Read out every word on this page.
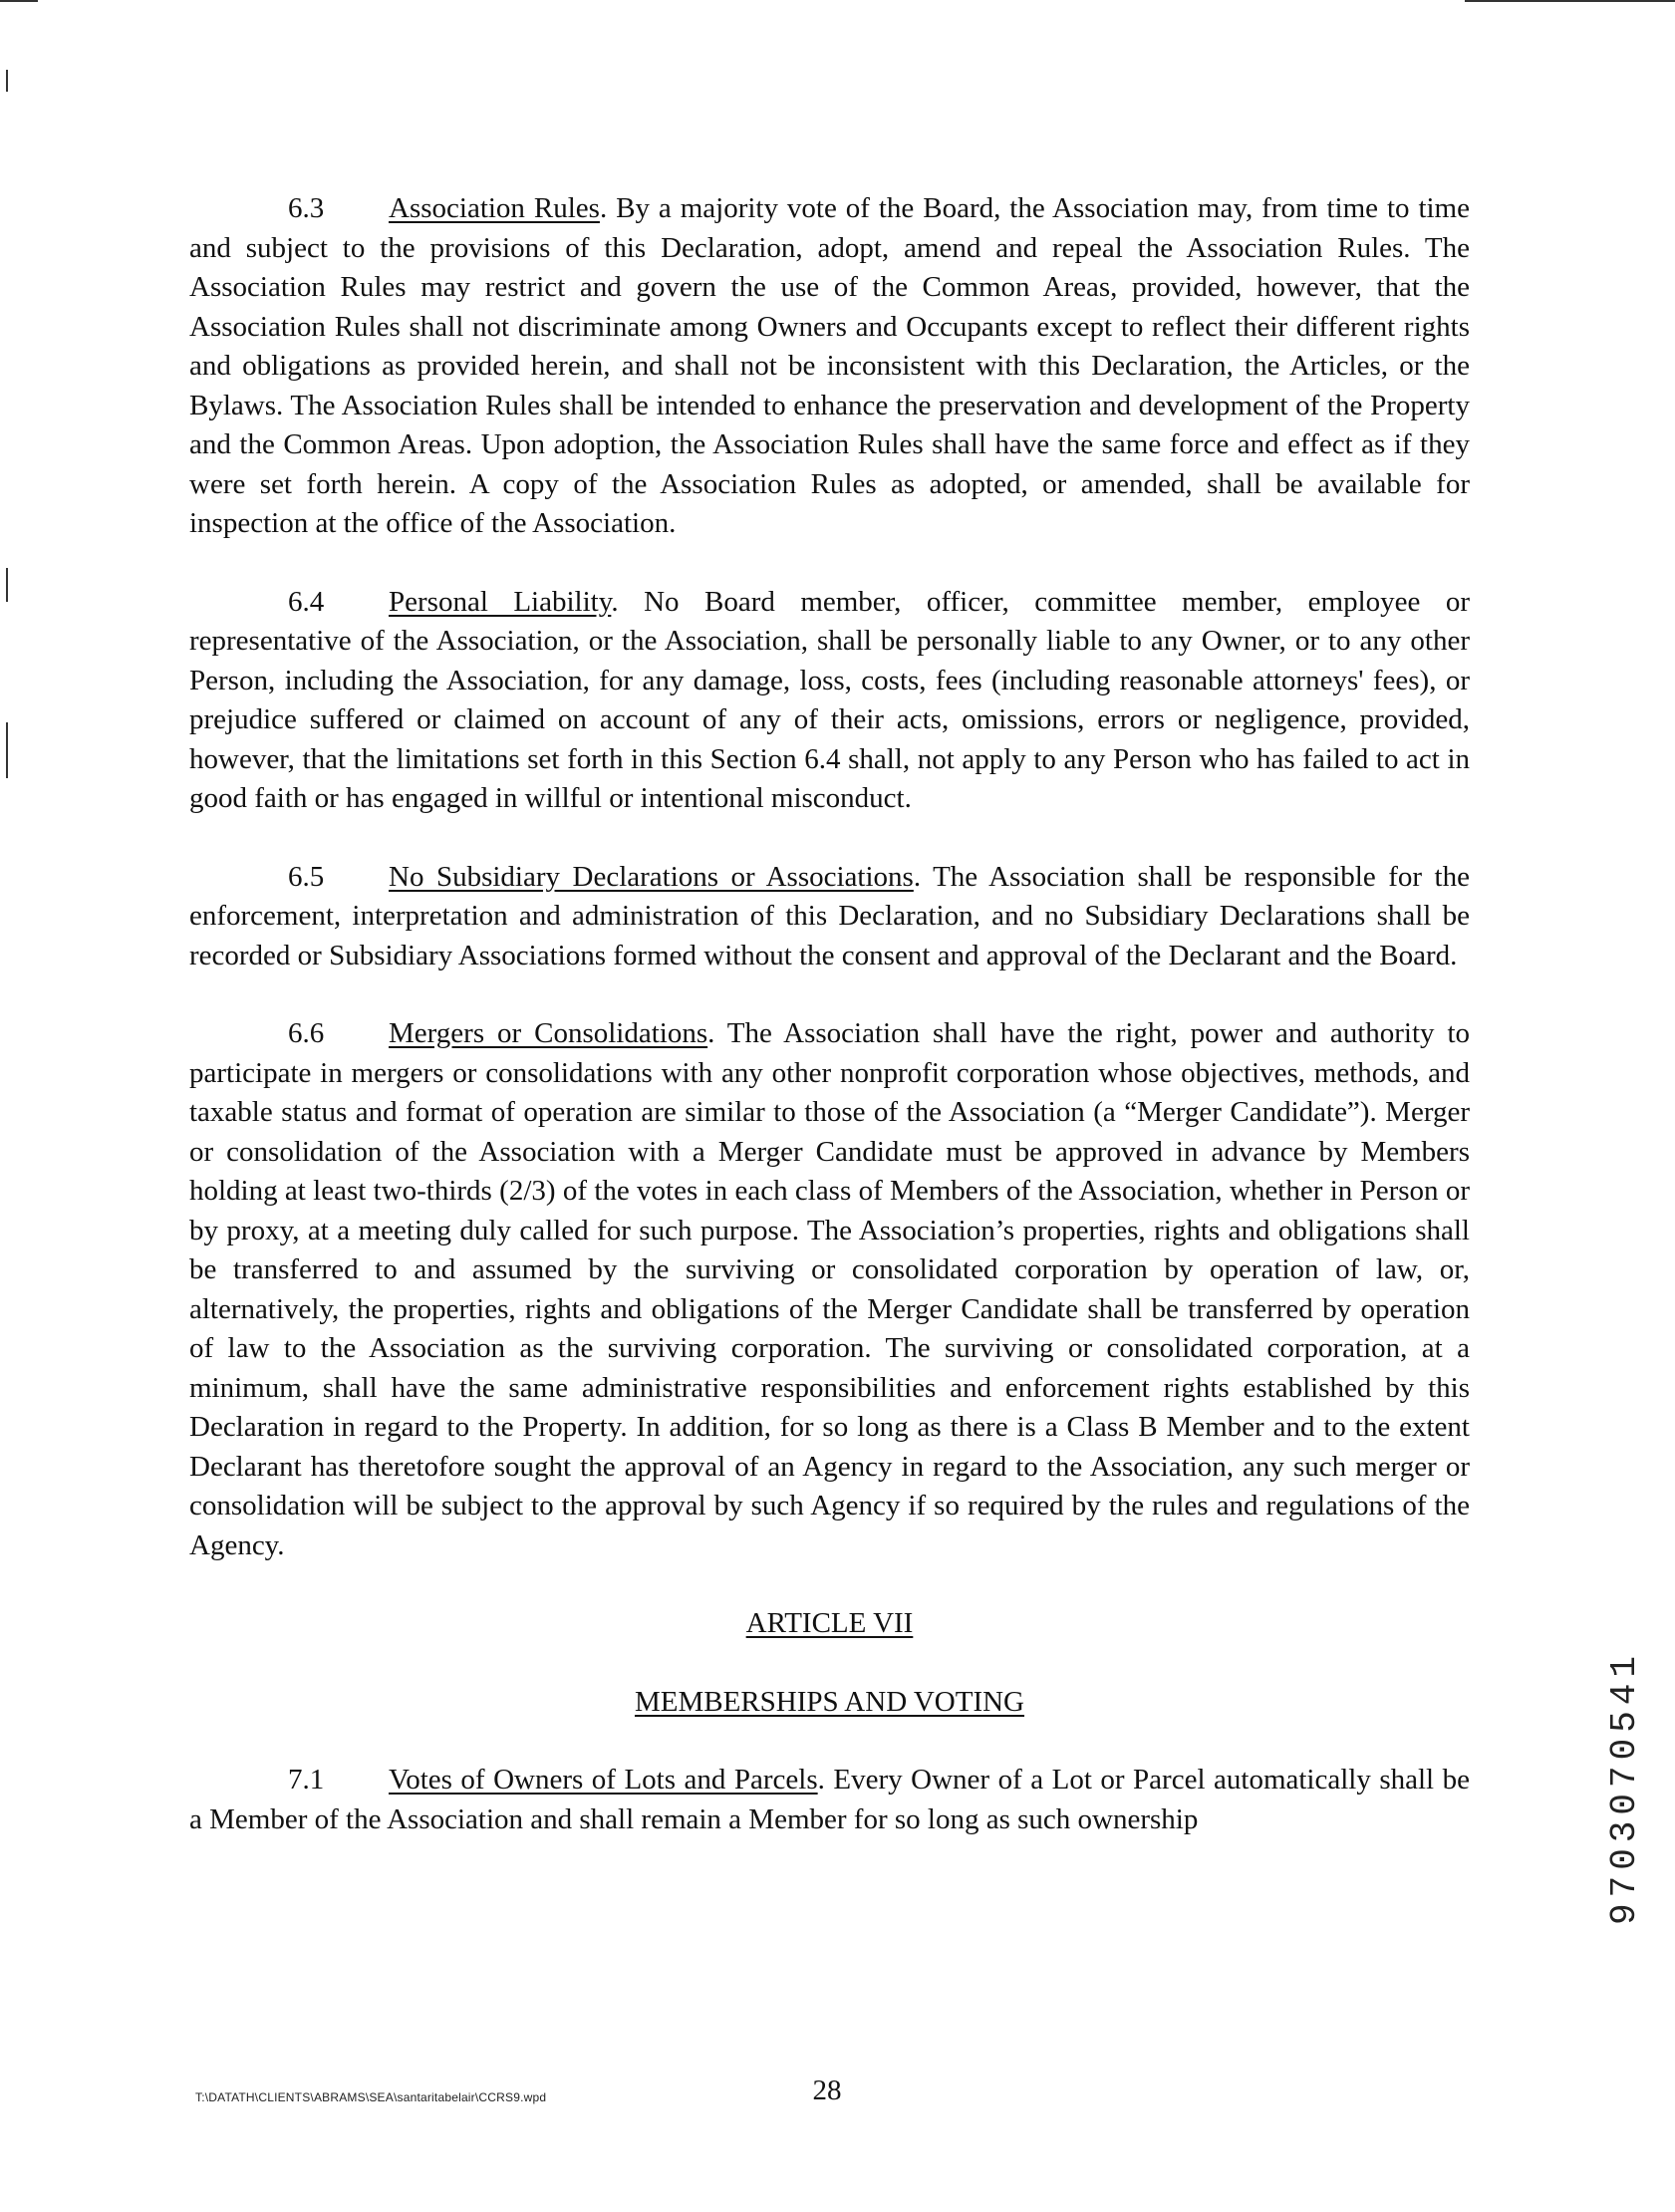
6.3 Association Rules. By a majority vote of the Board, the Association may, from time to time and subject to the provisions of this Declaration, adopt, amend and repeal the Association Rules. The Association Rules may restrict and govern the use of the Common Areas, provided, however, that the Association Rules shall not discriminate among Owners and Occupants except to reflect their different rights and obligations as provided herein, and shall not be inconsistent with this Declaration, the Articles, or the Bylaws. The Association Rules shall be intended to enhance the preservation and development of the Property and the Common Areas. Upon adoption, the Association Rules shall have the same force and effect as if they were set forth herein. A copy of the Association Rules as adopted, or amended, shall be available for inspection at the office of the Association.

6.4 Personal Liability. No Board member, officer, committee member, employee or representative of the Association, or the Association, shall be personally liable to any Owner, or to any other Person, including the Association, for any damage, loss, costs, fees (including reasonable attorneys' fees), or prejudice suffered or claimed on account of any of their acts, omissions, errors or negligence, provided, however, that the limitations set forth in this Section 6.4 shall, not apply to any Person who has failed to act in good faith or has engaged in willful or intentional misconduct.

6.5 No Subsidiary Declarations or Associations. The Association shall be responsible for the enforcement, interpretation and administration of this Declaration, and no Subsidiary Declarations shall be recorded or Subsidiary Associations formed without the consent and approval of the Declarant and the Board.

6.6 Mergers or Consolidations. The Association shall have the right, power and authority to participate in mergers or consolidations with any other nonprofit corporation whose objectives, methods, and taxable status and format of operation are similar to those of the Association (a “Merger Candidate”). Merger or consolidation of the Association with a Merger Candidate must be approved in advance by Members holding at least two-thirds (2/3) of the votes in each class of Members of the Association, whether in Person or by proxy, at a meeting duly called for such purpose. The Association’s properties, rights and obligations shall be transferred to and assumed by the surviving or consolidated corporation by operation of law, or, alternatively, the properties, rights and obligations of the Merger Candidate shall be transferred by operation of law to the Association as the surviving corporation. The surviving or consolidated corporation, at a minimum, shall have the same administrative responsibilities and enforcement rights established by this Declaration in regard to the Property. In addition, for so long as there is a Class B Member and to the extent Declarant has theretofore sought the approval of an Agency in regard to the Association, any such merger or consolidation will be subject to the approval by such Agency if so required by the rules and regulations of the Agency.

ARTICLE VII
MEMBERSHIPS AND VOTING

7.1 Votes of Owners of Lots and Parcels. Every Owner of a Lot or Parcel automatically shall be a Member of the Association and shall remain a Member for so long as such ownership

T:\DATATH\CLIENTS\ABRAMS\SEA\santaritabelair\CCRS9.wpd	28
9703070541
